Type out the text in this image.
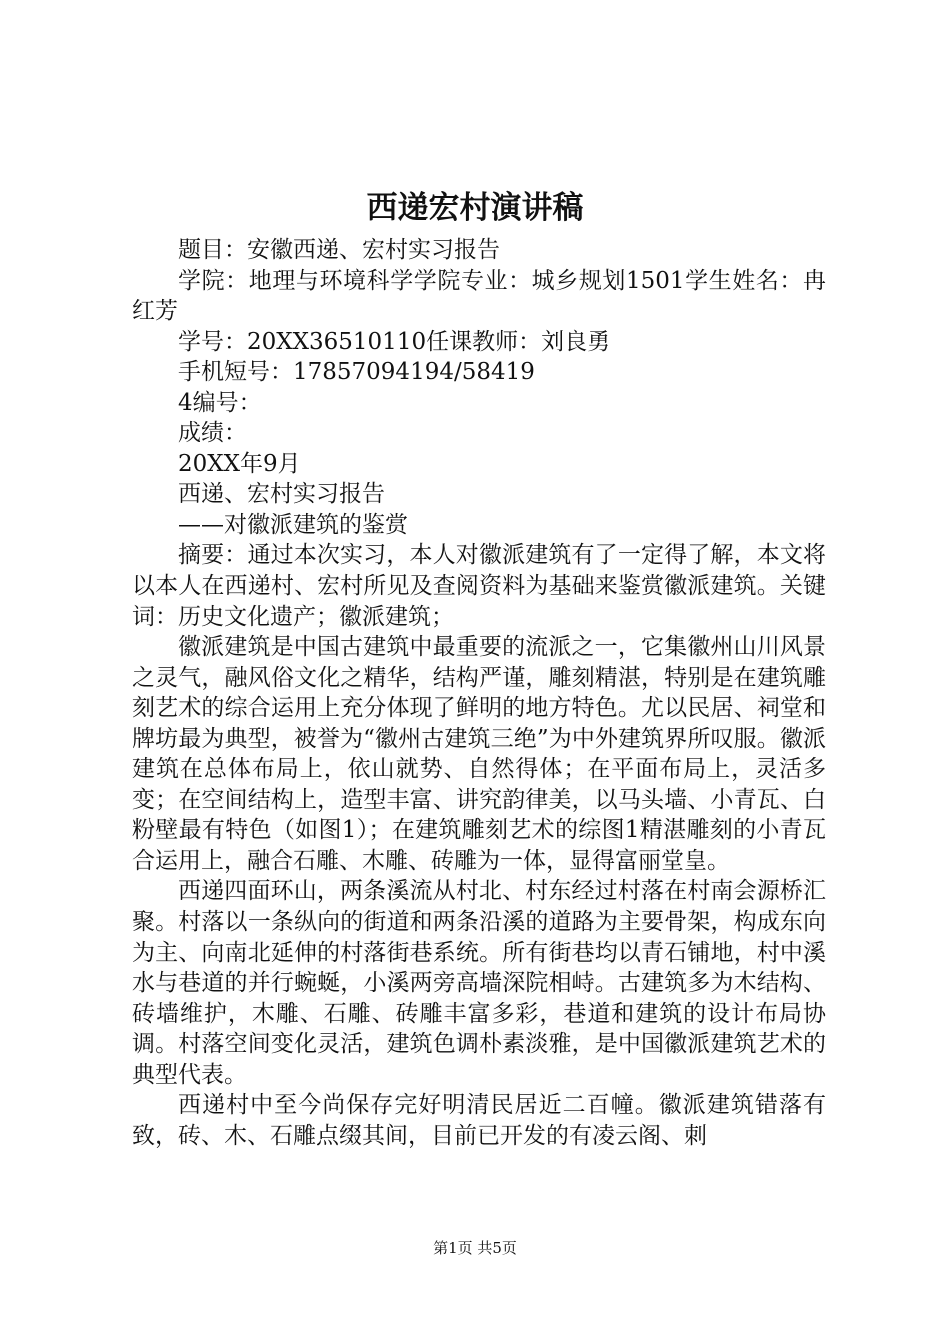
西递宏村演讲稿

题目：安徽西递、宏村实习报告

学院：地理与环境科学学院专业：城乡规划1501学生姓名：冉红芳

学号：20XX36510110任课教师：刘良勇

手机短号：17857094194/58419

4编号：

成绩：

20XX年9月

西递、宏村实习报告

——对徽派建筑的鉴赏

摘要：通过本次实习，本人对徽派建筑有了一定得了解，本文将以本人在西递村、宏村所见及查阅资料为基础来鉴赏徽派建筑。关键词：历史文化遗产；徽派建筑；

徽派建筑是中国古建筑中最重要的流派之一，它集徽州山川风景之灵气，融风俗文化之精华，结构严谨，雕刻精湛，特别是在建筑雕刻艺术的综合运用上充分体现了鲜明的地方特色。尤以民居、祠堂和牌坊最为典型，被誉为“徽州古建筑三绝”为中外建筑界所叹服。徽派建筑在总体布局上，依山就势、自然得体；在平面布局上，灵活多变；在空间结构上，造型丰富、讲究韵律美，以马头墙、小青瓦、白粉壁最有特色（如图1）；在建筑雕刻艺术的综图1精湛雕刻的小青瓦合运用上，融合石雕、木雕、砖雕为一体，显得富丽堂皇。

西递四面环山，两条溪流从村北、村东经过村落在村南会源桥汇聚。村落以一条纵向的街道和两条沿溪的道路为主要骨架，构成东向为主、向南北延伸的村落街巷系统。所有街巷均以青石铺地，村中溪水与巷道的并行蜿蜒，小溪两旁高墙深院相峙。古建筑多为木结构、砖墙维护，木雕、石雕、砖雕丰富多彩，巷道和建筑的设计布局协调。村落空间变化灵活，建筑色调朴素淡雅，是中国徽派建筑艺术的典型代表。

西递村中至今尚保存完好明清民居近二百幢。徽派建筑错落有致，砖、木、石雕点缀其间，目前已开发的有凌云阁、刺

第1页 共5页
